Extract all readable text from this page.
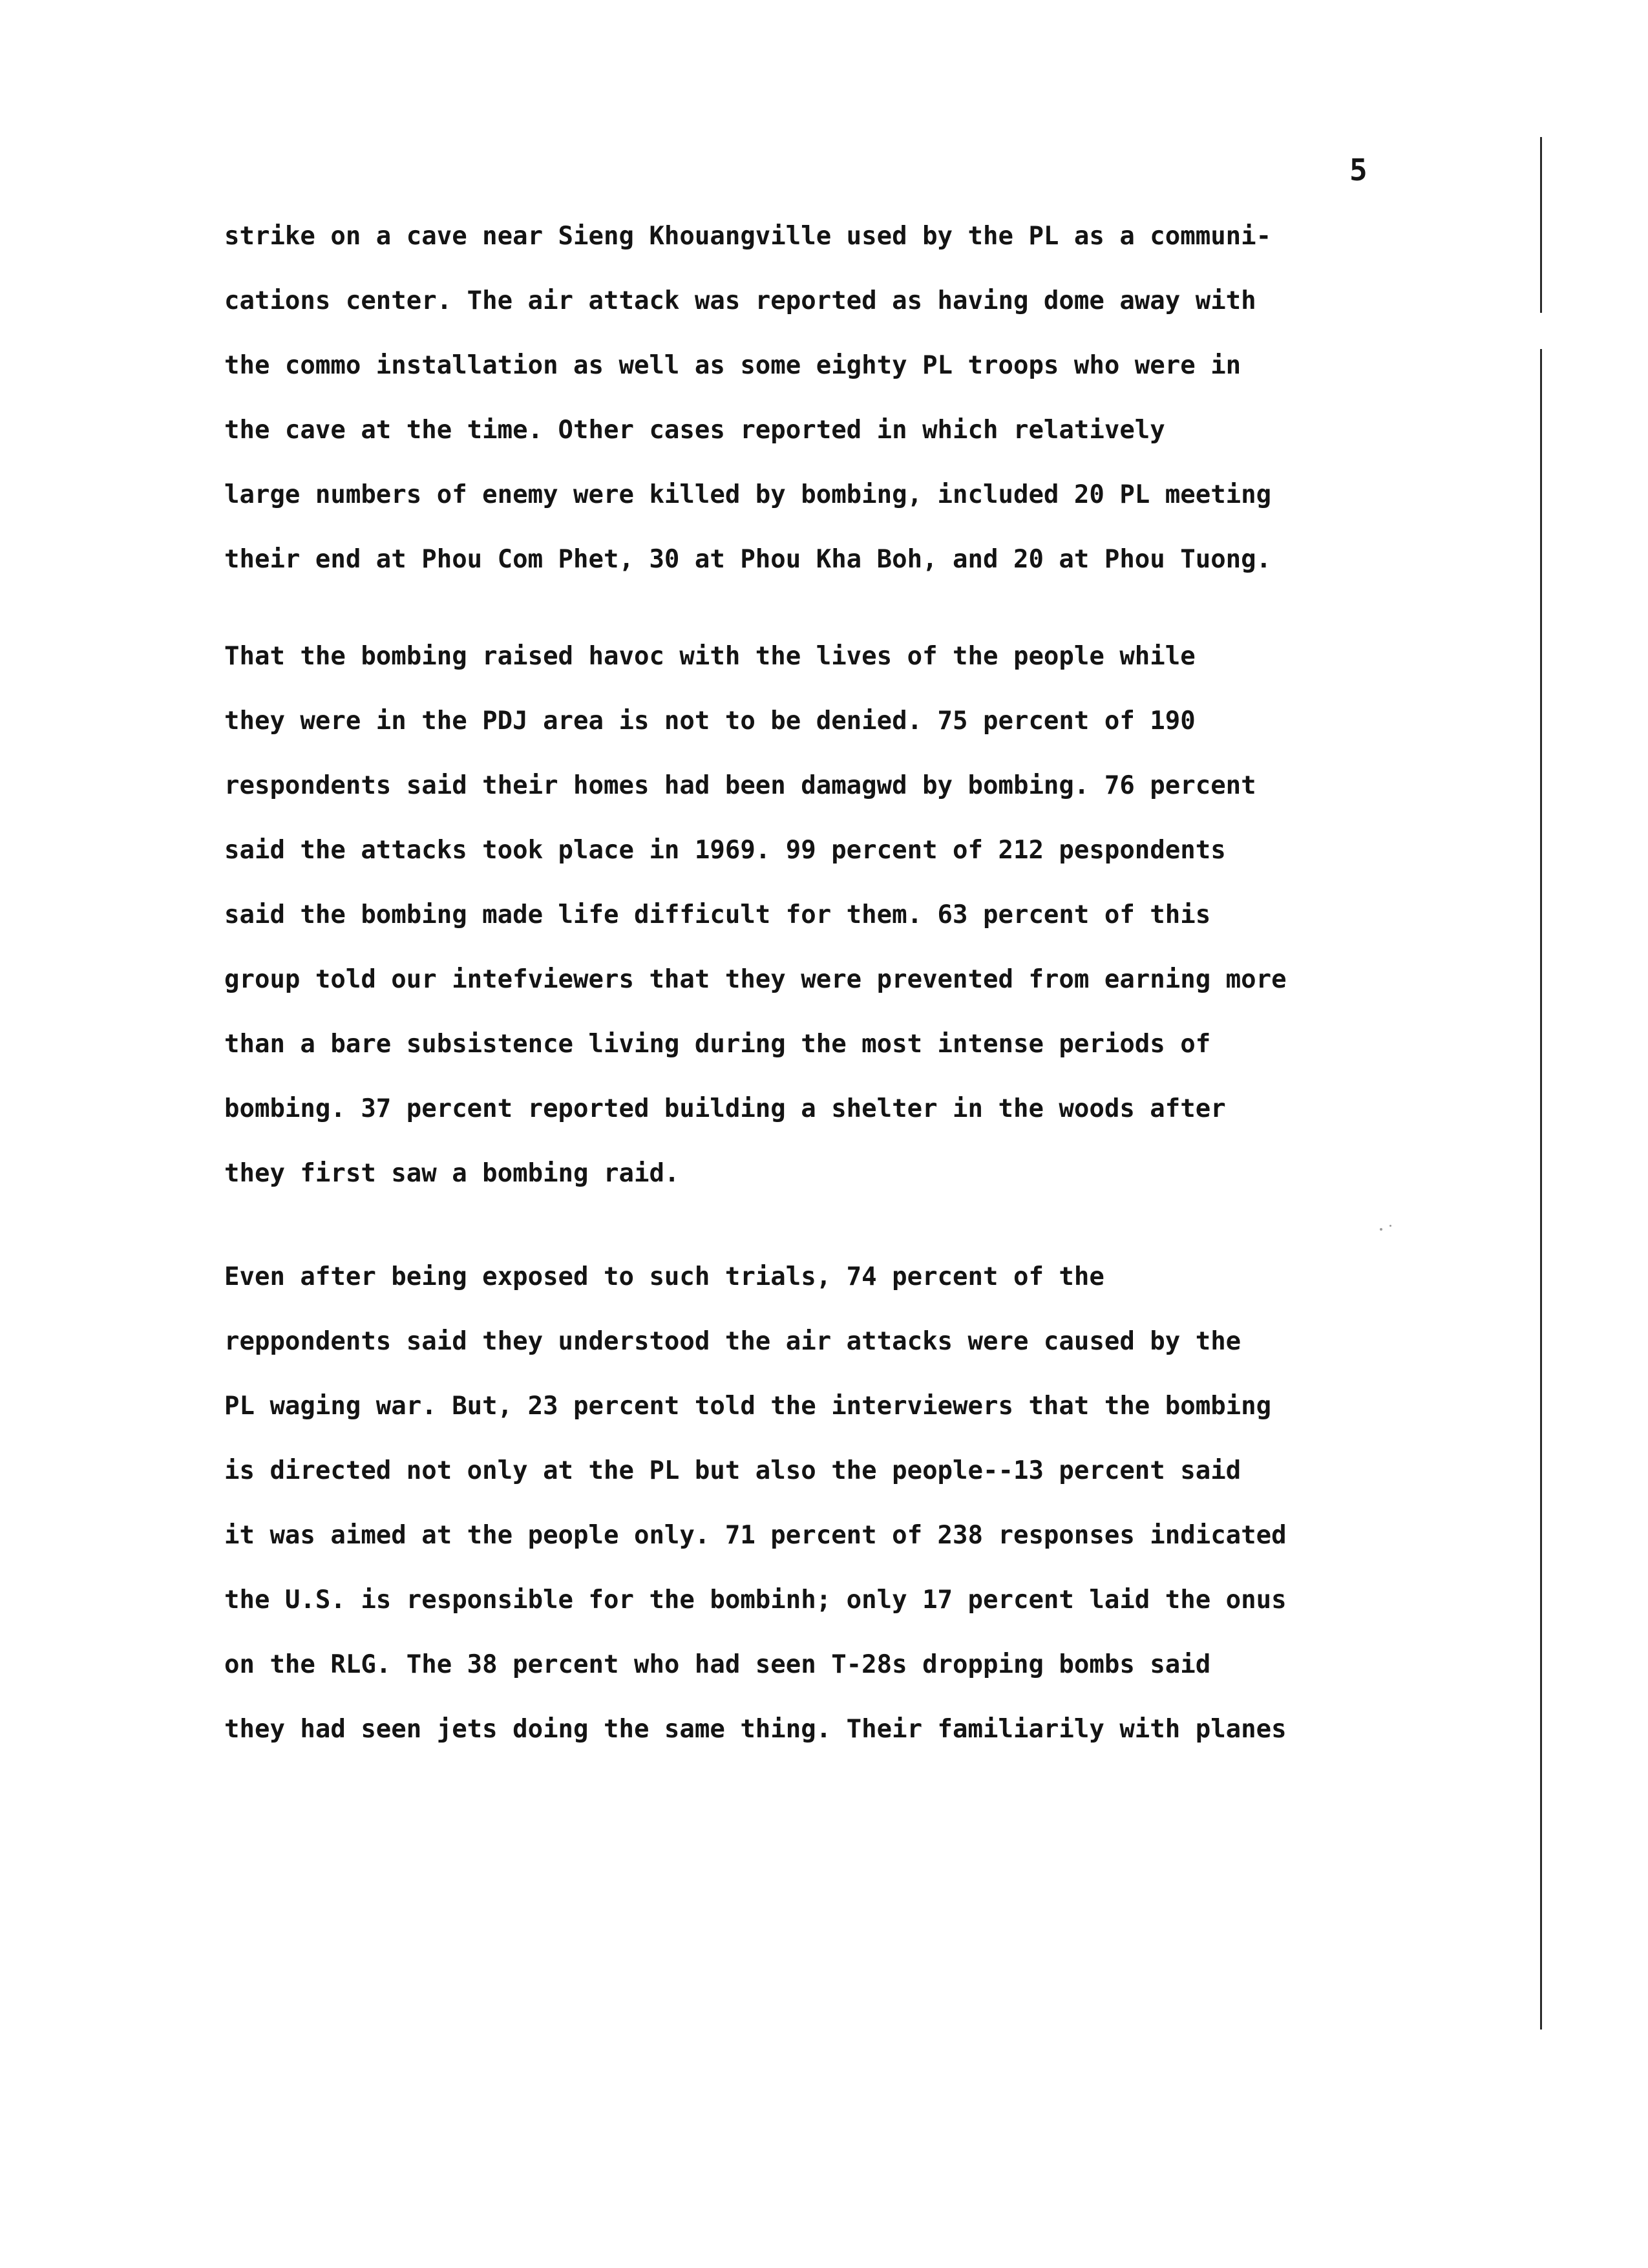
5
strike on a cave near Sieng Khouangville used by the PL as a communi-
cations center. The air attack was reported as having dome away with
the commo installation as well as some eighty PL troops who were in
the cave at the time. Other cases reported in which relatively
large numbers of enemy were killed by bombing, included 20 PL meeting
their end at Phou Com Phet, 30 at Phou Kha Boh, and 20 at Phou Tuong.
That the bombing raised havoc with the lives of the people while
they were in the PDJ area is not to be denied. 75 percent of 190
respondents said their homes had been damagwd by bombing. 76 percent
said the attacks took place in 1969. 99 percent of 212 pespondents
said the bombing made life difficult for them. 63 percent of this
group told our intefviewers that they were prevented from earning more
than a bare subsistence living during the most intense periods of
bombing. 37 percent reported building a shelter in the woods after
they first saw a bombing raid.
Even after being exposed to such trials, 74 percent of the
reppondents said they understood the air attacks were caused by the
PL waging war. But, 23 percent told the interviewers that the bombing
is directed not only at the PL but also the people--13 percent said
it was aimed at the people only. 71 percent of 238 responses indicated
the U.S. is responsible for the bombinh; only 17 percent laid the onus
on the RLG. The 38 percent who had seen T-28s dropping bombs said
they had seen jets doing the same thing. Their familiarily with planes
